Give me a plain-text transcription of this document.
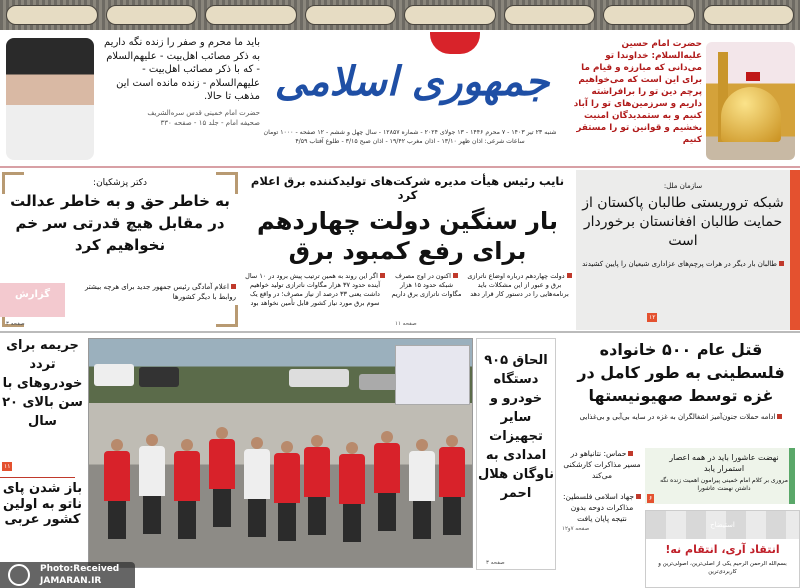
باید ما محرم و صفر را زنده نگه داریم به ذکر مصائب اهل‌بیت - علیهم‌السلام - که با ذکر مصائب اهل‌بیت - علیهم‌السلام - زنده مانده است این مذهب تا حالا.
حضرت امام خمینی قدس سره‌الشریف
صحیفه امام - جلد ۱۵ - صفحه ۳۳۰
جمهوری اسلامی
شنبه ۲۳ تیر ۱۴۰۳ - ۷ محرم ۱۴۴۶ - ۱۳ جولای ۲۰۲۴ - شماره ۱۲۸۵۷ - سال چهل و ششم - ۱۲ صفحه - ۱۰۰۰ تومان
ساعات شرعی: اذان ظهر ۱۳/۱۰ - اذان مغرب ۱۹/۴۲ - اذان صبح ۳/۱۵ - طلوع آفتاب ۴/۵۹
حضرت امام حسین علیه‌السلام: خداوندا تو می‌دانی که مبارزه و قیام ما برای این است که می‌خواهیم پرچم دین تو را برافراشته داریم و سرزمین‌های تو را آباد کنیم و به ستمدیدگان امنیت بخشیم و قوانین تو را مستقر کنیم
دکتر پزشکیان:
به خاطر حق و به خاطر عدالت در مقابل هیچ قدرتی سر خم نخواهیم کرد
گزارش
اعلام آمادگی رئیس جمهور جدید برای هرچه بیشتر روابط با دیگر کشورها
صفحه ۳
نایب رئیس هیأت مدیره شرکت‌های تولیدکننده برق اعلام کرد
بار سنگین دولت چهاردهم برای رفع کمبود برق
اگر این روند به همین ترتیب پیش برود در ۱۰ سال آینده حدود ۳۷ هزار مگاوات ناترازی تولید خواهیم داشت یعنی ۳۳ درصد از نیاز مصرف؛ در واقع یک سوم برق مورد نیاز کشور قابل تأمین نخواهد بود
اکنون در اوج مصرف شبکه حدود ۱۵ هزار مگاوات ناترازی برق داریم
دولت چهاردهم درباره اوضاع ناترازی برق و عبور از این مشکلات باید برنامه‌هایی را در دستور کار قرار دهد
صفحه ۱۱
سازمان ملل:
شبکه تروریستی طالبان پاکستان از حمایت طالبان افغانستان برخوردار است
طالبان بار دیگر در هرات پرچم‌های عزاداری شیعیان را پایین کشیدند
۱۲
جریمه برای تردد خودروهای با سن بالای ۲۰ سال
۱۱
باز شدن پای ناتو به اولین کشور عربی
الحاق ۹۰۵ دستگاه خودرو و سایر تجهیزات امدادی به ناوگان هلال احمر
صفحه ۳
قتل عام ۵۰۰ خانواده فلسطینی به طور کامل در غزه توسط صهیونیستها
ادامه حملات جنون‌آمیز اشغالگران به غزه در سایه بی‌آبی و بی‌غذایی
حماس: نتانیاهو در مسیر مذاکرات کارشکنی می‌کند
جهاد اسلامی فلسطین: مذاکرات دوحه بدون نتیجه پایان یافت
صفحه ۷و۱۲
نهضت عاشورا باید در همه اعصار استمرار یابد
مروری بر کلام امام خمینی پیرامون اهمیت زنده نگه داشتن نهضت عاشورا
۶
استیضاح
انتقاد آری، انتقام نه!
بسم‌الله الرحمن الرحیم یکی از اصلی‌ترین، اصولی‌ترین و کاربردی‌ترین
Photo:Received
JAMARAN.IR
